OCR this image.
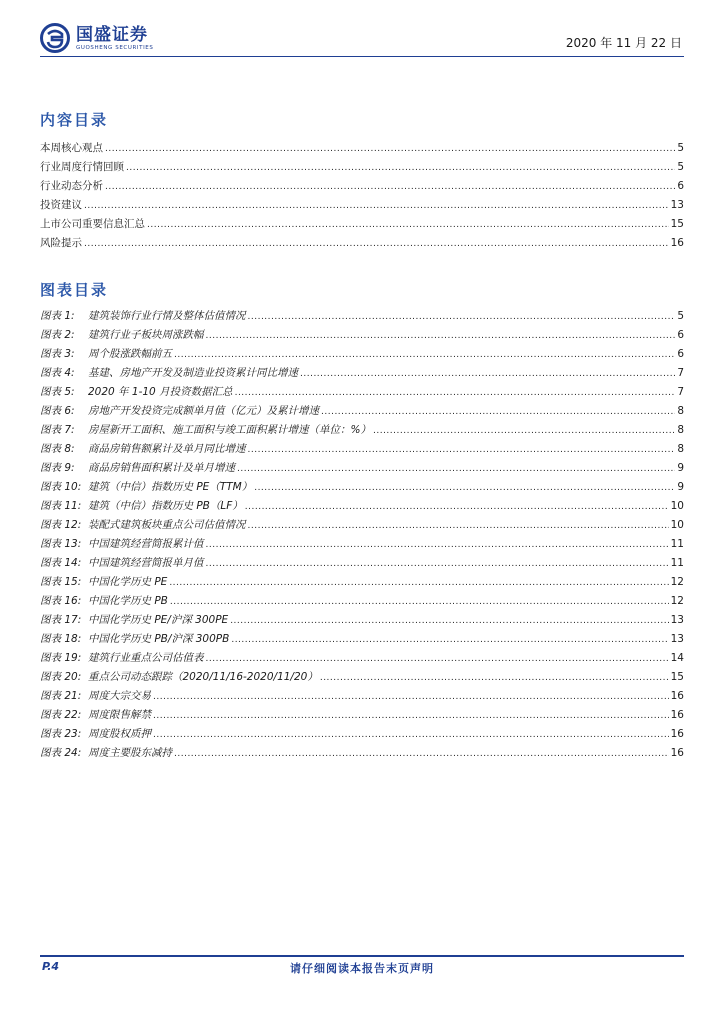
国盛证券
GUOSHENG SECURITIES	2020 年 11 月 22 日
内容目录
本周核心观点 .....	5
行业周度行情回顾 .....	5
行业动态分析 .....	6
投资建议 .....	13
上市公司重要信息汇总 .....	15
风险提示 .....	16
图表目录
图表 1: 建筑装饰行业行情及整体估值情况 .....	5
图表 2: 建筑行业子板块周涨跌幅 .....	6
图表 3: 周个股涨跌幅前五 .....	6
图表 4: 基建、房地产开发及制造业投资累计同比增速 .....	7
图表 5: 2020 年 1-10 月投资数据汇总 .....	7
图表 6: 房地产开发投资完成额单月值（亿元）及累计增速 .....	8
图表 7: 房屋新开工面积、施工面积与竣工面积累计增速（单位：%） .....	8
图表 8: 商品房销售额累计及单月同比增速 .....	8
图表 9: 商品房销售面积累计及单月增速 .....	9
图表 10: 建筑（中信）指数历史 PE（TTM） .....	9
图表 11: 建筑（中信）指数历史 PB（LF） .....	10
图表 12: 装配式建筑板块重点公司估值情况 .....	10
图表 13: 中国建筑经营简报累计值 .....	11
图表 14: 中国建筑经营简报单月值 .....	11
图表 15: 中国化学历史 PE .....	12
图表 16: 中国化学历史 PB .....	12
图表 17: 中国化学历史 PE/沪深 300PE .....	13
图表 18: 中国化学历史 PB/沪深 300PB .....	13
图表 19: 建筑行业重点公司估值表 .....	14
图表 20: 重点公司动态跟踪（2020/11/16-2020/11/20） .....	15
图表 21: 周度大宗交易 .....	16
图表 22: 周度限售解禁 .....	16
图表 23: 周度股权质押 .....	16
图表 24: 周度主要股东减持 .....	16
P.4	请仔细阅读本报告末页声明
